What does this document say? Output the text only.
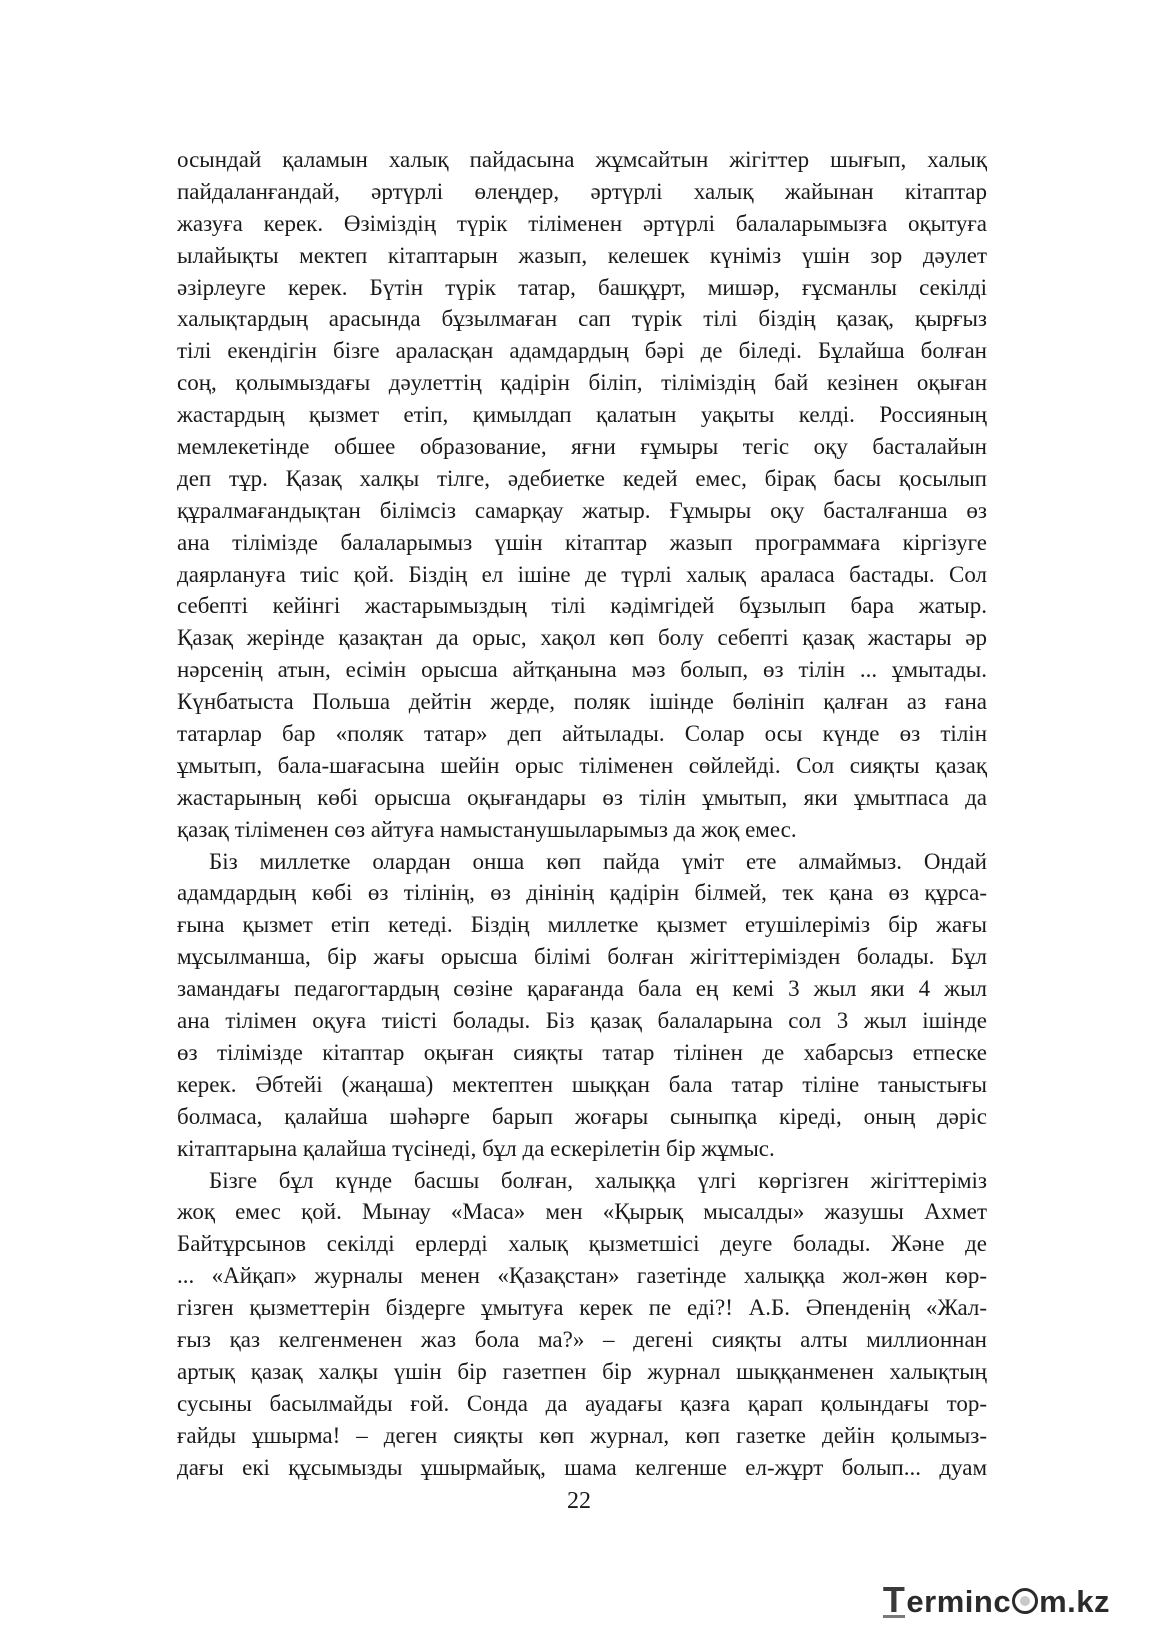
осындай қаламын халық пайдасына жұмсайтын жігіттер шығып, халық
пайдаланғандай, әртүрлі өлеңдер, әртүрлі халық жайынан кітаптар
жазуға керек. Өзіміздің түрік тіліменен әртүрлі балаларымызға оқытуға
ылайықты мектеп кітаптарын жазып, келешек күніміз үшін зор дәулет
әзірлеуге керек. Бүтін түрік татар, башқұрт, мишәр, ғұсманлы секілді
халықтардың арасында бұзылмаған сап түрік тілі біздің қазақ, қырғыз
тілі екендігін бізге араласқан адамдардың бәрі де біледі. Бұлайша болған
соң, қолымыздағы дәулеттің қадірін біліп, тіліміздің бай кезінен оқыған
жастардың қызмет етіп, қимылдап қалатын уақыты келді. Россияның
мемлекетінде обшее образование, яғни ғұмыры тегіс оқу басталайын
деп тұр. Қазақ халқы тілге, әдебиетке кедей емес, бірақ басы қосылып
құралмағандықтан білімсіз самарқау жатыр. Ғұмыры оқу басталғанша өз
ана тілімізде балаларымыз үшін кітаптар жазып программаға кіргізуге
даярлануға тиіс қой. Біздің ел ішіне де түрлі халық араласа бастады. Сол
себепті кейінгі жастарымыздың тілі кәдімгідей бұзылып бара жатыр.
Қазақ жерінде қазақтан да орыс, хақол көп болу себепті қазақ жастары әр
нәрсенің атын, есімін орысша айтқанына мәз болып, өз тілін ... ұмытады.
Күнбатыста Польша дейтін жерде, поляк ішінде бөлініп қалған аз ғана
татарлар бар «поляк татар» деп айтылады. Солар осы күнде өз тілін
ұмытып, бала-шағасына шейін орыс тіліменен сөйлейді. Сол сияқты қазақ
жастарының көбі орысша оқығандары өз тілін ұмытып, яки ұмытпаса да
қазақ тіліменен сөз айтуға намыстанушыларымыз да жоқ емес.
Біз миллетке олардан онша көп пайда үміт ете алмаймыз. Ондай
адамдардың көбі өз тілінің, өз дінінің қадірін білмей, тек қана өз құрса-
ғына қызмет етіп кетеді. Біздің миллетке қызмет етушілеріміз бір жағы
мұсылманша, бір жағы орысша білімі болған жігіттерімізден болады. Бұл
замандағы педагогтардың сөзіне қарағанда бала ең кемі 3 жыл яки 4 жыл
ана тілімен оқуға тиісті болады. Біз қазақ балаларына сол 3 жыл ішінде
өз тілімізде кітаптар оқыған сияқты татар тілінен де хабарсыз етпеске
керек. Әбтейі (жаңаша) мектептен шыққан бала татар тіліне таныстығы
болмаса, қалайша шәһәрге барып жоғары сыныпқа кіреді, оның дәріс
кітаптарына қалайша түсінеді, бұл да ескерілетін бір жұмыс.
Бізге бұл күнде басшы болған, халыққа үлгі көргізген жігіттеріміз
жоқ емес қой. Мынау «Маса» мен «Қырық мысалды» жазушы Ахмет
Байтұрсынов секілді ерлерді халық қызметшісі деуге болады. Және де
... «Айқап» журналы менен «Қазақстан» газетінде халыққа жол-жөн көр-
гізген қызметтерін біздерге ұмытуға керек пе еді?! А.Б. Әпенденің «Жал-
ғыз қаз келгенменен жаз бола ма?» – дегені сияқты алты миллионнан
артық қазақ халқы үшін бір газетпен бір журнал шыққанменен халықтың
сусыны басылмайды ғой. Сонда да ауадағы қазға қарап қолындағы тор-
ғайды ұшырма! – деген сияқты көп журнал, көп газетке дейін қолымыз-
дағы екі құсымызды ұшырмайық, шама келгенше ел-жұрт болып... дуам
22
Terminc m.kz
